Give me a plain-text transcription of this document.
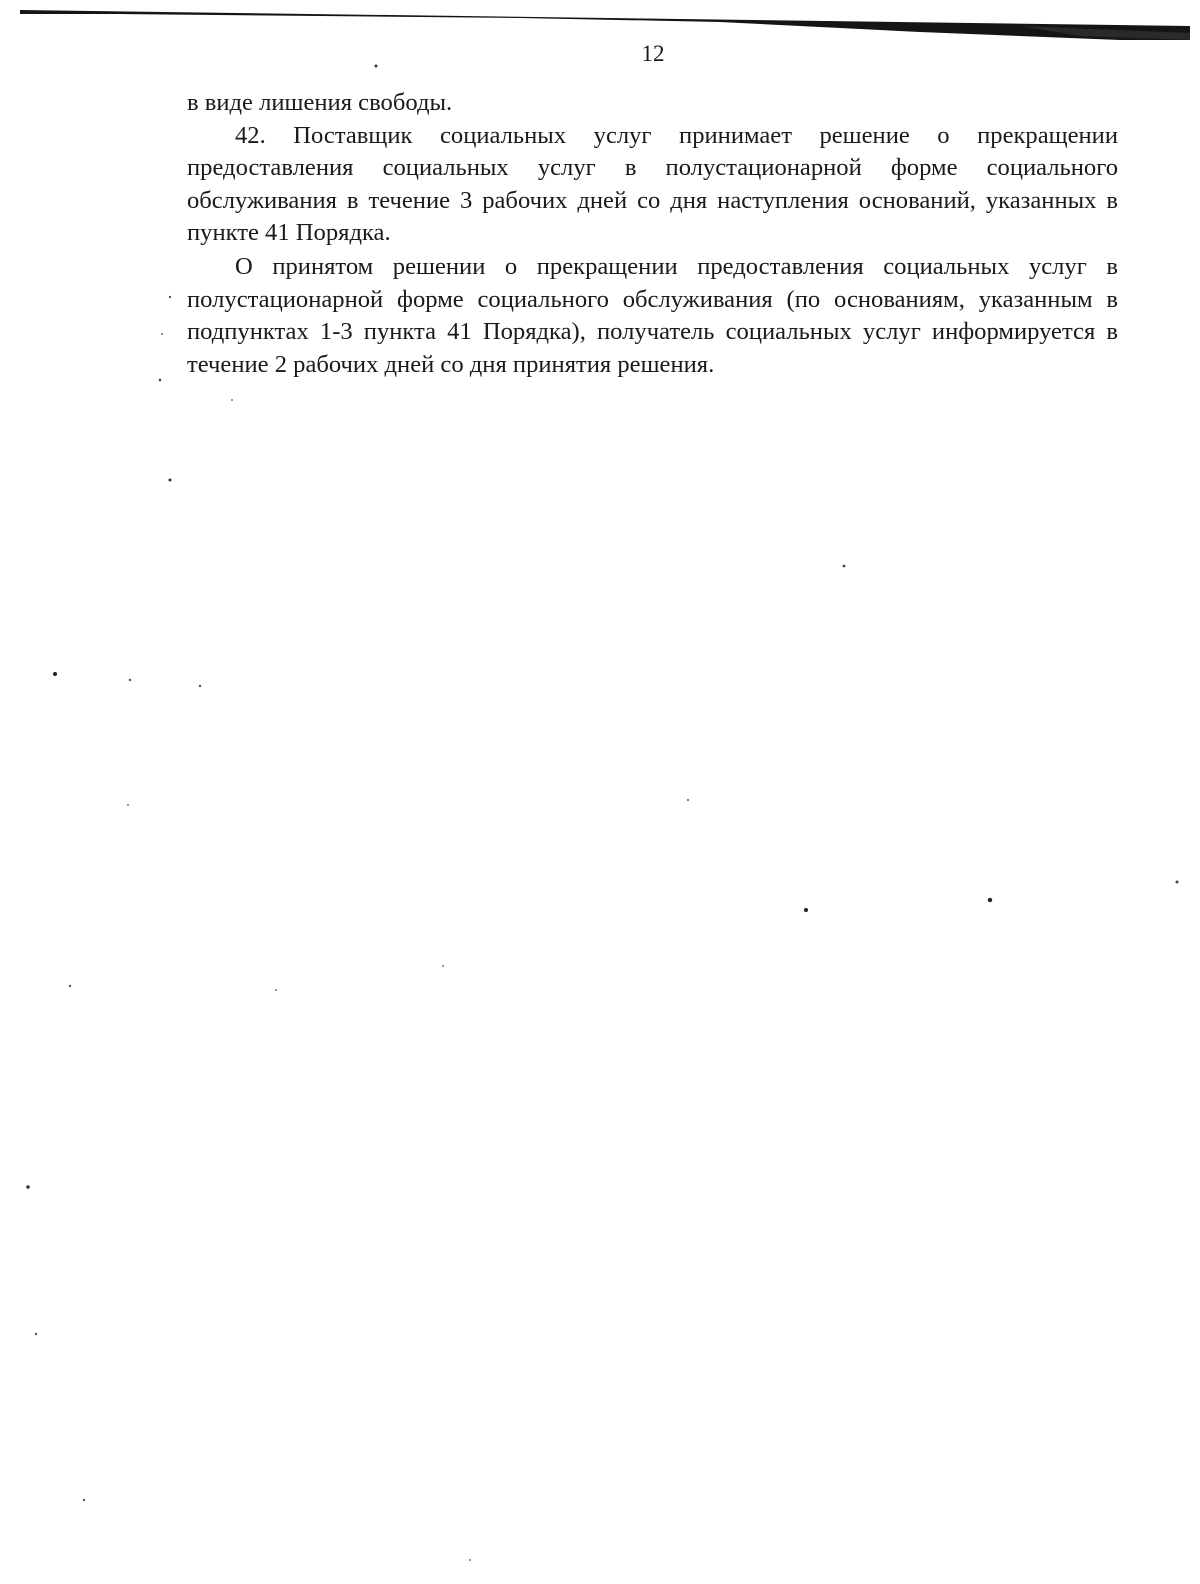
12

в виде лишения свободы.

42. Поставщик социальных услуг принимает решение о прекращении предоставления социальных услуг в полустационарной форме социального обслуживания в течение 3 рабочих дней со дня наступления оснований, указанных в пункте 41 Порядка.

О принятом решении о прекращении предоставления социальных услуг в полустационарной форме социального обслуживания (по основаниям, указанным в подпунктах 1-3 пункта 41 Порядка), получатель социальных услуг информируется в течение 2 рабочих дней со дня принятия решения.
